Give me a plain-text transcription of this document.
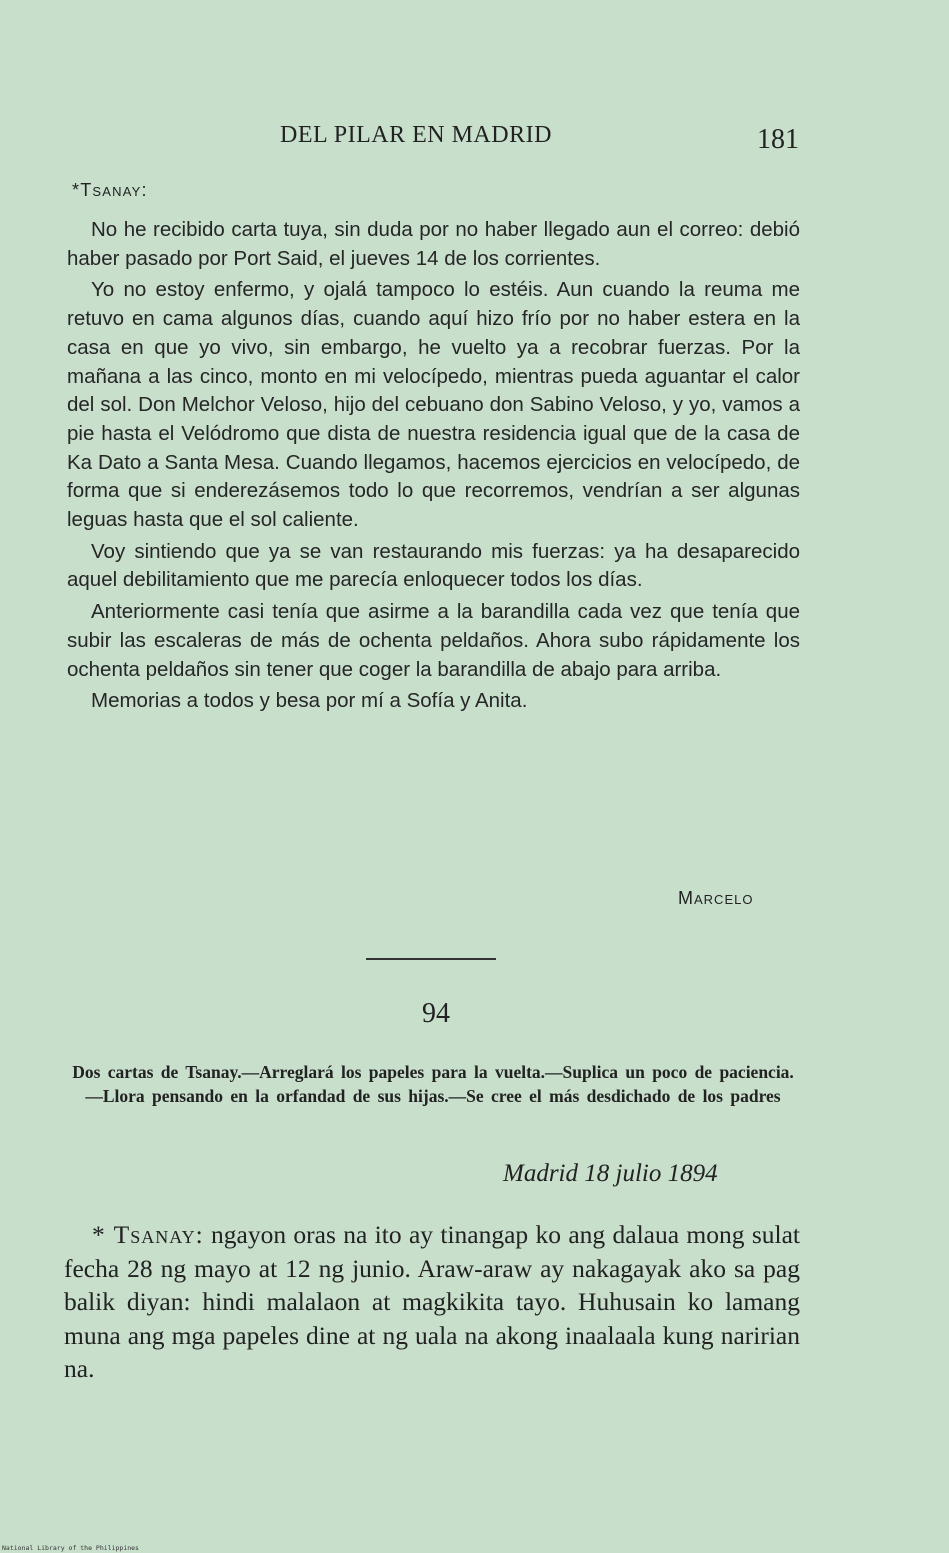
DEL PILAR EN MADRID	181
*Tsanay:

No he recibido carta tuya, sin duda por no haber llegado aun el correo: debió haber pasado por Port Said, el jueves 14 de los corrientes.

Yo no estoy enfermo, y ojalá tampoco lo estéis. Aun cuando la reuma me retuvo en cama algunos días, cuando aquí hizo frío por no haber estera en la casa en que yo vivo, sin embargo, he vuelto ya a recobrar fuerzas. Por la mañana a las cinco, monto en mi velocípedo, mientras pueda aguantar el calor del sol. Don Melchor Veloso, hijo del cebuano don Sabino Veloso, y yo, vamos a pie hasta el Velódromo que dista de nuestra residencia igual que de la casa de Ka Dato a Santa Mesa. Cuando llegamos, hacemos ejercicios en velocípedo, de forma que si enderezásemos todo lo que recorremos, vendrían a ser algunas leguas hasta que el sol caliente.

Voy sintiendo que ya se van restaurando mis fuerzas: ya ha desaparecido aquel debilitamiento que me parecía enloquecer todos los días.

Anteriormente casi tenía que asirme a la barandilla cada vez que tenía que subir las escaleras de más de ochenta peldaños. Ahora subo rápidamente los ochenta peldaños sin tener que coger la barandilla de abajo para arriba.

Memorias a todos y besa por mí a Sofía y Anita.

Marcelo
94
Dos cartas de Tsanay.—Arreglará los papeles para la vuelta.—Suplica un poco de paciencia.—Llora pensando en la orfandad de sus hijas.—Se cree el más desdichado de los padres
Madrid 18 julio 1894

* Tsanay: ngayon oras na ito ay tinangap ko ang dalaua mong sulat fecha 28 ng mayo at 12 ng junio. Araw-araw ay nakagayak ako sa pag balik diyan: hindi malalaon at magkikita tayo. Huhusain ko lamang muna ang mga papeles dine at ng uala na akong inaalaala kung naririan na.

National Library of the Philippines
